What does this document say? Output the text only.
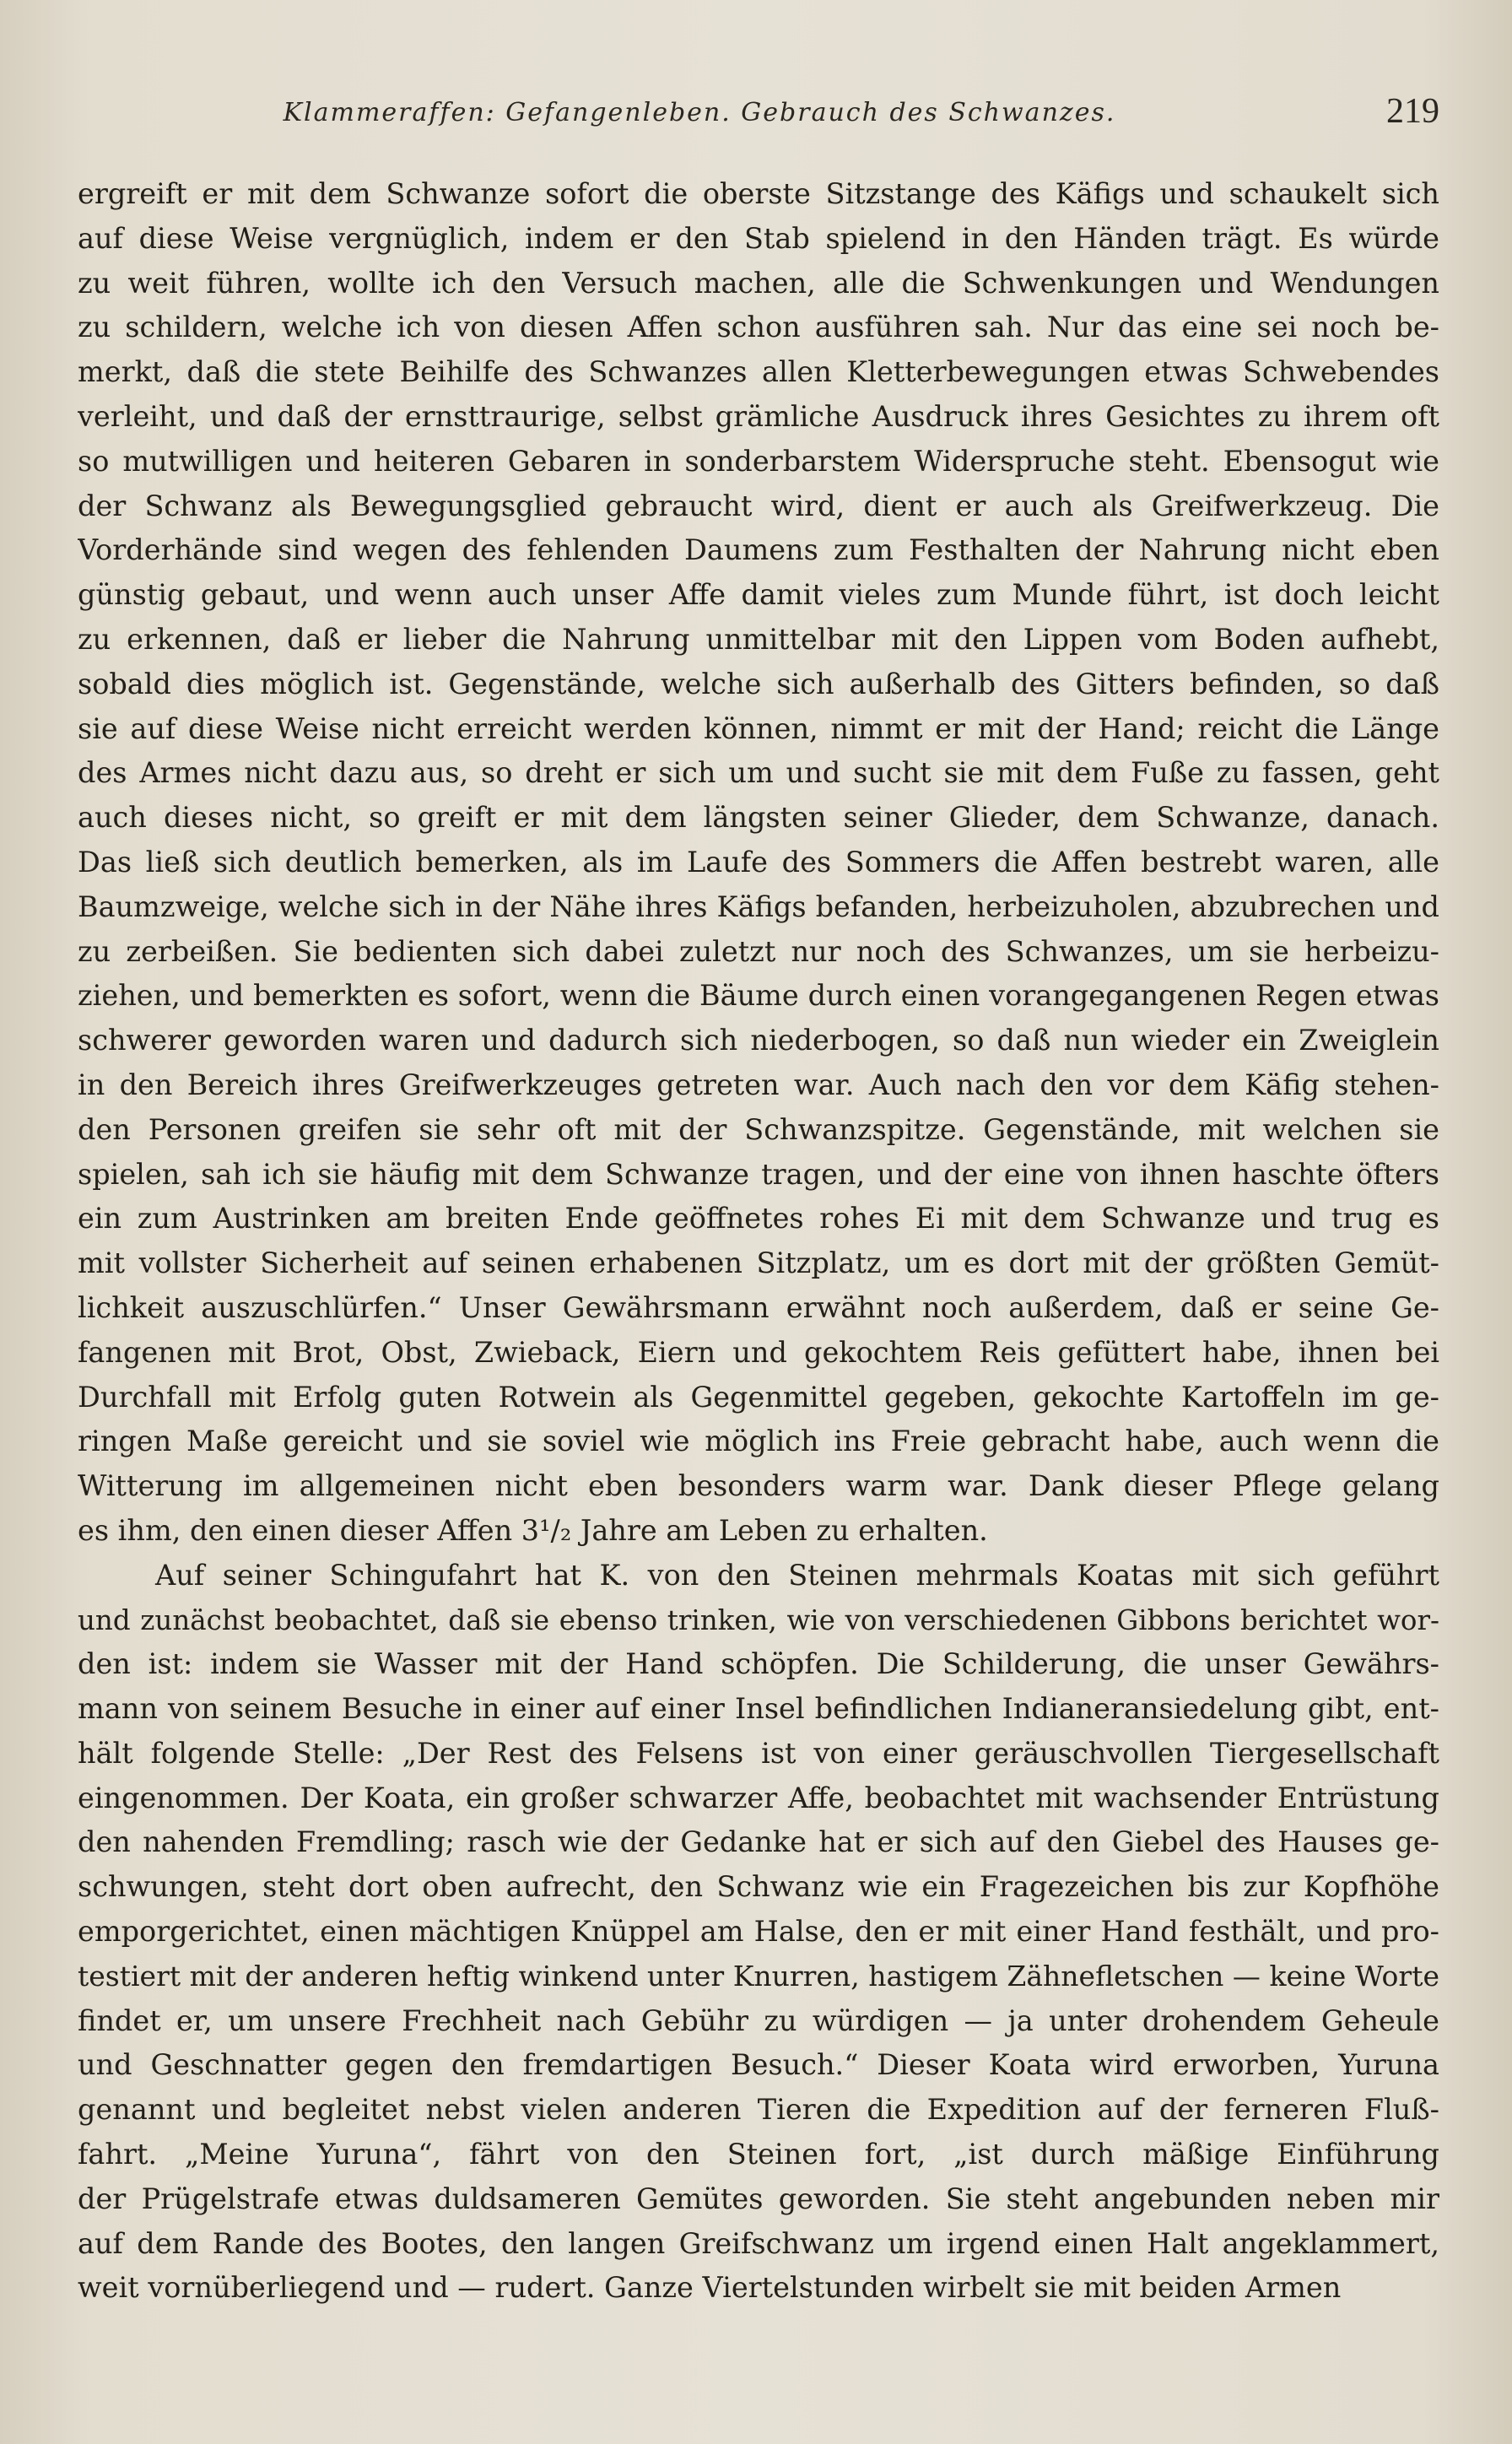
Klammeraffen: Gefangenleben. Gebrauch des Schwanzes.	219
ergreift er mit dem Schwanze sofort die oberste Sitzstange des Käfigs und schaukelt sich
auf diese Weise vergnüglich, indem er den Stab spielend in den Händen trägt. Es würde
zu weit führen, wollte ich den Versuch machen, alle die Schwenkungen und Wendungen
zu schildern, welche ich von diesen Affen schon ausführen sah. Nur das eine sei noch be-
merkt, daß die stete Beihilfe des Schwanzes allen Kletterbewegungen etwas Schwebendes
verleiht, und daß der ernsttraurige, selbst grämliche Ausdruck ihres Gesichtes zu ihrem oft
so mutwilligen und heiteren Gebaren in sonderbarstem Widerspruche steht. Ebensogut wie
der Schwanz als Bewegungsglied gebraucht wird, dient er auch als Greifwerkzeug. Die
Vorderhände sind wegen des fehlenden Daumens zum Festhalten der Nahrung nicht eben
günstig gebaut, und wenn auch unser Affe damit vieles zum Munde führt, ist doch leicht
zu erkennen, daß er lieber die Nahrung unmittelbar mit den Lippen vom Boden aufhebt,
sobald dies möglich ist. Gegenstände, welche sich außerhalb des Gitters befinden, so daß
sie auf diese Weise nicht erreicht werden können, nimmt er mit der Hand; reicht die Länge
des Armes nicht dazu aus, so dreht er sich um und sucht sie mit dem Fuße zu fassen, geht
auch dieses nicht, so greift er mit dem längsten seiner Glieder, dem Schwanze, danach.
Das ließ sich deutlich bemerken, als im Laufe des Sommers die Affen bestrebt waren, alle
Baumzweige, welche sich in der Nähe ihres Käfigs befanden, herbeizuholen, abzubrechen und
zu zerbeißen. Sie bedienten sich dabei zuletzt nur noch des Schwanzes, um sie herbeizu-
ziehen, und bemerkten es sofort, wenn die Bäume durch einen vorangegangenen Regen etwas
schwerer geworden waren und dadurch sich niederbogen, so daß nun wieder ein Zweiglein
in den Bereich ihres Greifwerkzeuges getreten war. Auch nach den vor dem Käfig stehen-
den Personen greifen sie sehr oft mit der Schwanzspitze. Gegenstände, mit welchen sie
spielen, sah ich sie häufig mit dem Schwanze tragen, und der eine von ihnen haschte öfters
ein zum Austrinken am breiten Ende geöffnetes rohes Ei mit dem Schwanze und trug es
mit vollster Sicherheit auf seinen erhabenen Sitzplatz, um es dort mit der größten Gemüt-
lichkeit auszuschlürfen.“ Unser Gewährsmann erwähnt noch außerdem, daß er seine Ge-
fangenen mit Brot, Obst, Zwieback, Eiern und gekochtem Reis gefüttert habe, ihnen bei
Durchfall mit Erfolg guten Rotwein als Gegenmittel gegeben, gekochte Kartoffeln im ge-
ringen Maße gereicht und sie soviel wie möglich ins Freie gebracht habe, auch wenn die
Witterung im allgemeinen nicht eben besonders warm war. Dank dieser Pflege gelang
es ihm, den einen dieser Affen 3¹/₂ Jahre am Leben zu erhalten.
Auf seiner Schingufahrt hat K. von den Steinen mehrmals Koatas mit sich geführt
und zunächst beobachtet, daß sie ebenso trinken, wie von verschiedenen Gibbons berichtet wor-
den ist: indem sie Wasser mit der Hand schöpfen. Die Schilderung, die unser Gewährs-
mann von seinem Besuche in einer auf einer Insel befindlichen Indianeransiedelung gibt, ent-
hält folgende Stelle: „Der Rest des Felsens ist von einer geräuschvollen Tiergesellschaft
eingenommen. Der Koata, ein großer schwarzer Affe, beobachtet mit wachsender Entrüstung
den nahenden Fremdling; rasch wie der Gedanke hat er sich auf den Giebel des Hauses ge-
schwungen, steht dort oben aufrecht, den Schwanz wie ein Fragezeichen bis zur Kopfhöhe
emporgerichtet, einen mächtigen Knüppel am Halse, den er mit einer Hand festhält, und pro-
testiert mit der anderen heftig winkend unter Knurren, hastigem Zähnefletschen — keine Worte
findet er, um unsere Frechheit nach Gebühr zu würdigen — ja unter drohendem Geheule
und Geschnatter gegen den fremdartigen Besuch.“ Dieser Koata wird erworben, Yuruna
genannt und begleitet nebst vielen anderen Tieren die Expedition auf der ferneren Fluß-
fahrt. „Meine Yuruna“, fährt von den Steinen fort, „ist durch mäßige Einführung
der Prügelstrafe etwas duldsameren Gemütes geworden. Sie steht angebunden neben mir
auf dem Rande des Bootes, den langen Greifschwanz um irgend einen Halt angeklammert,
weit vornüberliegend und — rudert. Ganze Viertelstunden wirbelt sie mit beiden Armen
